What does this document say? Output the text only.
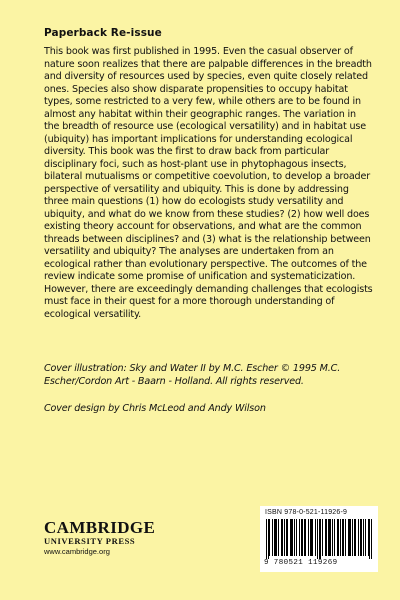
Paperback Re-issue

This book was first published in 1995. Even the casual observer of nature soon realizes that there are palpable differences in the breadth and diversity of resources used by species, even quite closely related ones. Species also show disparate propensities to occupy habitat types, some restricted to a very few, while others are to be found in almost any habitat within their geographic ranges. The variation in the breadth of resource use (ecological versatility) and in habitat use (ubiquity) has important implications for understanding ecological diversity. This book was the first to draw back from particular disciplinary foci, such as host-plant use in phytophagous insects, bilateral mutualisms or competitive coevolution, to develop a broader perspective of versatility and ubiquity. This is done by addressing three main questions (1) how do ecologists study versatility and ubiquity, and what do we know from these studies? (2) how well does existing theory account for observations, and what are the common threads between disciplines? and (3) what is the relationship between versatility and ubiquity? The analyses are undertaken from an ecological rather than evolutionary perspective. The outcomes of the review indicate some promise of unification and systematicization. However, there are exceedingly demanding challenges that ecologists must face in their quest for a more thorough understanding of ecological versatility.

Cover illustration: Sky and Water II by M.C. Escher © 1995 M.C. Escher/Cordon Art - Baarn - Holland. All rights reserved.

Cover design by Chris McLeod and Andy Wilson

CAMBRIDGE
UNIVERSITY PRESS
www.cambridge.org
ISBN 978-0-521-11926-9
9 780521 119269
